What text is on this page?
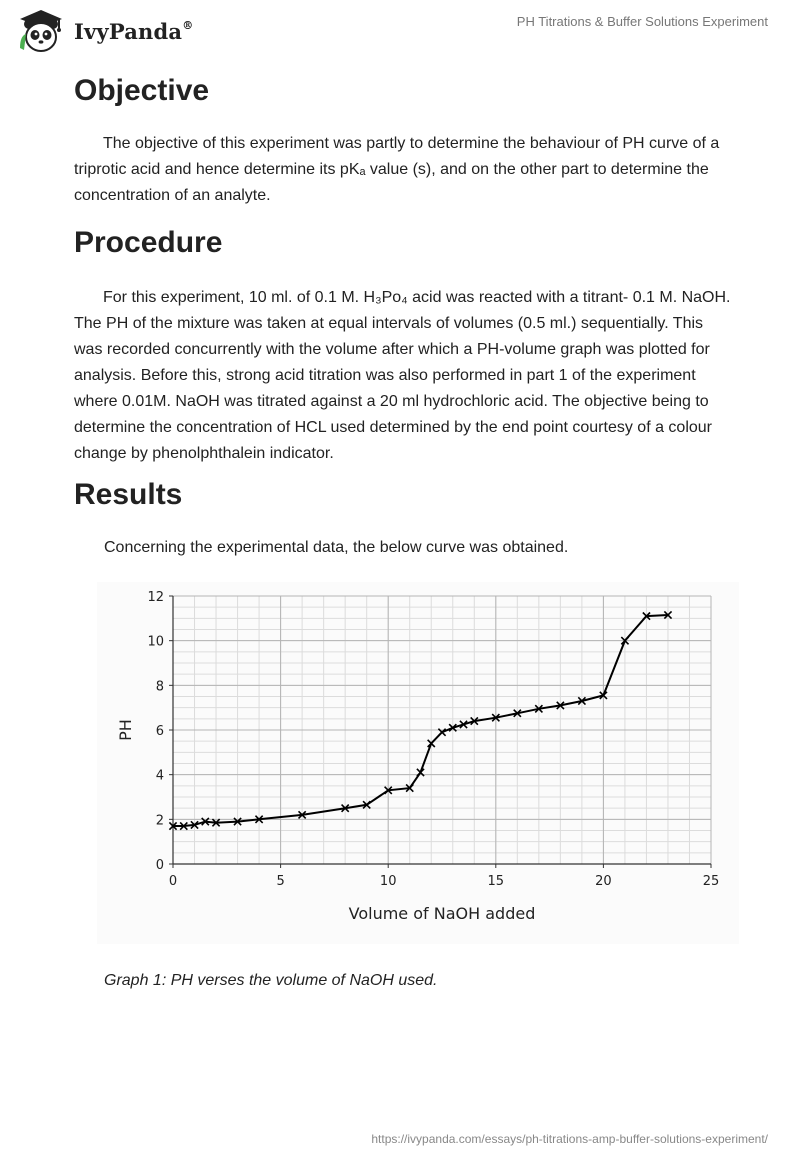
IvyPanda®	PH Titrations & Buffer Solutions Experiment
Objective

The objective of this experiment was partly to determine the behaviour of PH curve of a triprotic acid and hence determine its pKₐ value (s), and on the other part to determine the concentration of an analyte.

Procedure

For this experiment, 10 ml. of 0.1 M. H₃Po₄ acid was reacted with a titrant- 0.1 M. NaOH. The PH of the mixture was taken at equal intervals of volumes (0.5 ml.) sequentially. This was recorded concurrently with the volume after which a PH-volume graph was plotted for analysis. Before this, strong acid titration was also performed in part 1 of the experiment where 0.01M. NaOH was titrated against a 20 ml hydrochloric acid. The objective being to determine the concentration of HCL used determined by the end point courtesy of a colour change by phenolphthalein indicator.

Results

Concerning the experimental data, the below curve was obtained.

0	5	10	15	20	25
0
2
4
6
8
10
12
Volume of NaOH added
PH

Graph 1: PH verses the volume of NaOH used.

https://ivypanda.com/essays/ph-titrations-amp-buffer-solutions-experiment/
